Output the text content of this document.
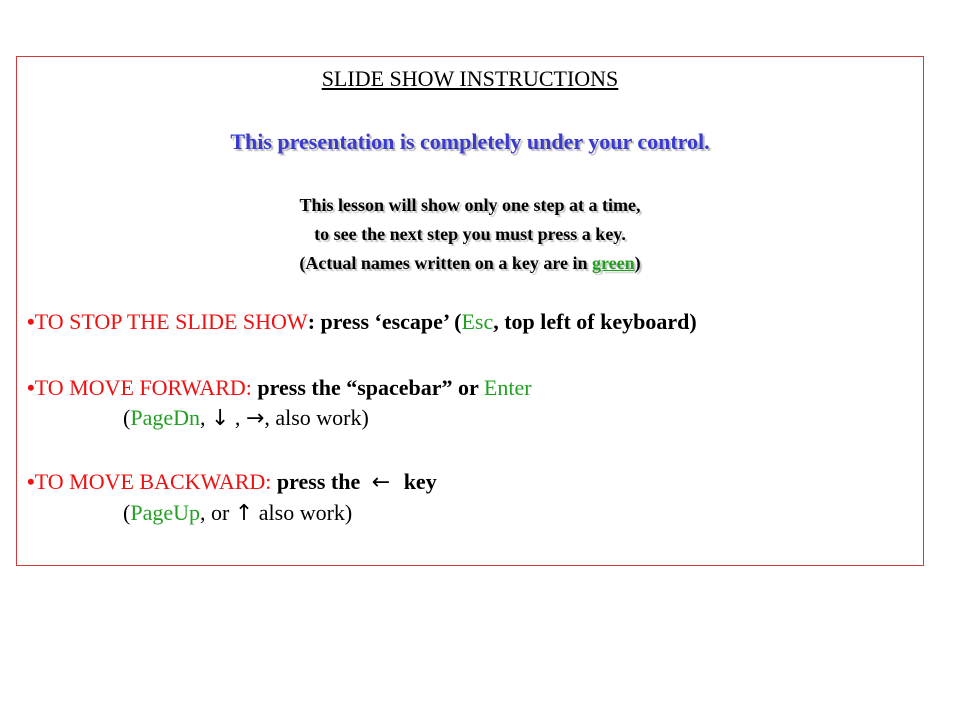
SLIDE SHOW INSTRUCTIONS
This presentation is completely under your control.
This lesson will show only one step at a time,
to see the next step you must press a key.
(Actual names written on a key are in green)
•TO STOP THE SLIDE SHOW: press ‘escape’ (Esc, top left of keyboard)
•TO MOVE FORWARD: press the “spacebar” or Enter
(PageDn, ↓ , →, also work)
•TO MOVE BACKWARD: press the ← key
(PageUp, or ↑ also work)
